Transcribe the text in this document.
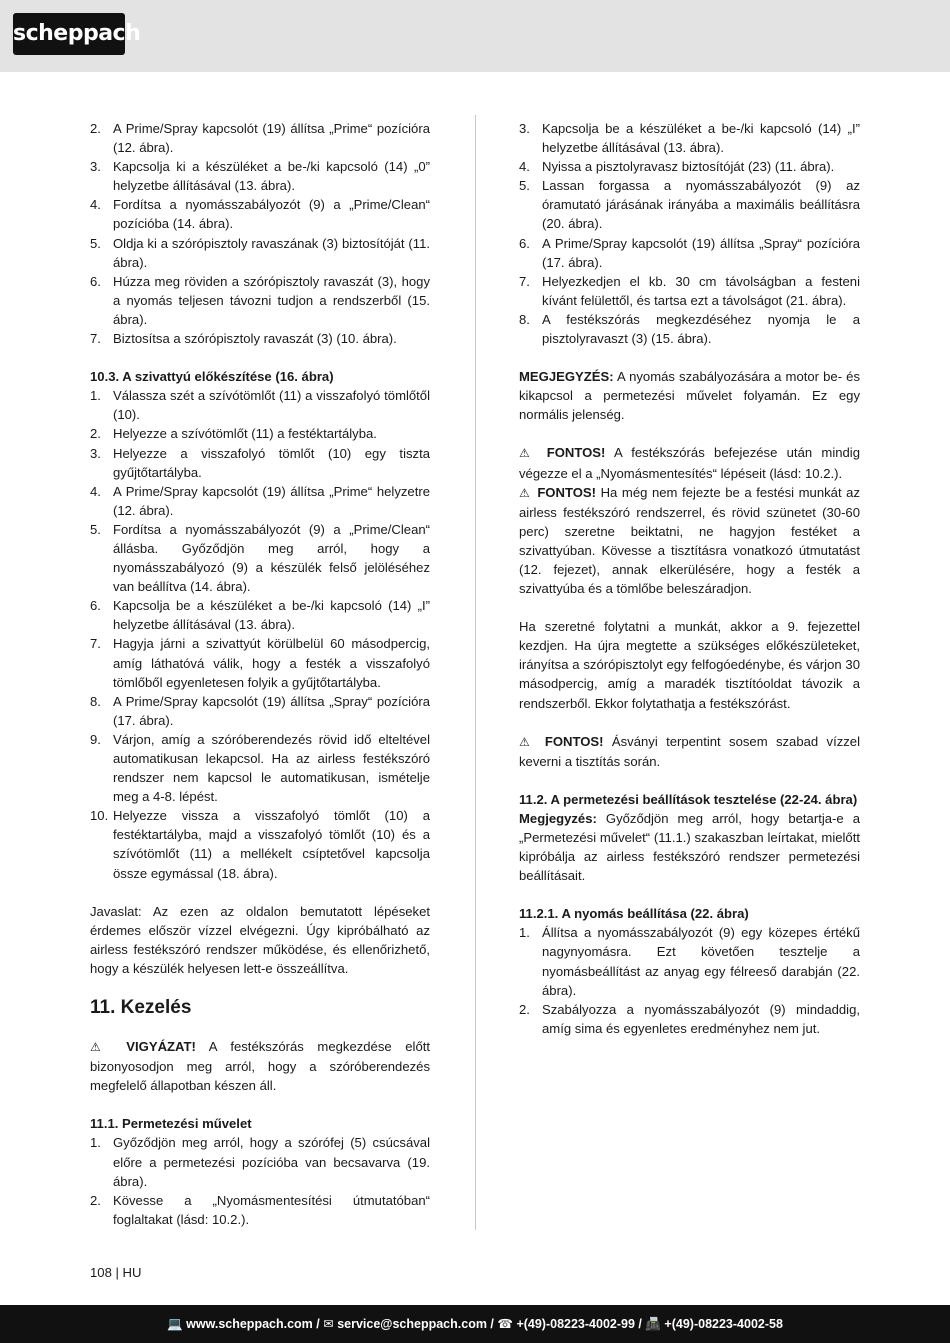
scheppach
2. A Prime/Spray kapcsolót (19) állítsa „Prime“ pozícióra (12. ábra).
3. Kapcsolja ki a készüléket a be-/ki kapcsoló (14) „0” helyzetbe állításával (13. ábra).
4. Fordítsa a nyomásszabályozót (9) a „Prime/Clean“ pozícióba (14. ábra).
5. Oldja ki a szórópisztoly ravaszának (3) biztosítóját (11. ábra).
6. Húzza meg röviden a szórópisztoly ravaszát (3), hogy a nyomás teljesen távozni tudjon a rendszerből (15. ábra).
7. Biztosítsa a szórópisztoly ravaszát (3) (10. ábra).

10.3. A szivattyú előkészítése (16. ábra)

1. Válassza szét a szívótömlőt (11) a visszafolyó tömlőtől (10).
2. Helyezze a szívótömlőt (11) a festéktartályba.
3. Helyezze a visszafolyó tömlőt (10) egy tiszta gyűjtőtartályba.
4. A Prime/Spray kapcsolót (19) állítsa „Prime“ helyzetre (12. ábra).
5. Fordítsa a nyomásszabályozót (9) a „Prime/Clean“ állásba. Győződjön meg arról, hogy a nyomásszabályozó (9) a készülék felső jelöléséhez van beállítva (14. ábra).
6. Kapcsolja be a készüléket a be-/ki kapcsoló (14) „I” helyzetbe állításával (13. ábra).
7. Hagyja járni a szivattyút körülbelül 60 másodpercig, amíg láthatóvá válik, hogy a festék a visszafolyó tömlőből egyenletesen folyik a gyűjtőtartályba.
8. A Prime/Spray kapcsolót (19) állítsa „Spray“ pozícióra (17. ábra).
9. Várjon, amíg a szóróberendezés rövid idő elteltével automatikusan lekapcsol. Ha az airless festékszóró rendszer nem kapcsol le automatikusan, ismételje meg a 4-8. lépést.
10. Helyezze vissza a visszafolyó tömlőt (10) a festéktartályba, majd a visszafolyó tömlőt (10) és a szívótömlőt (11) a mellékelt csíptetővel kapcsolja össze egymással (18. ábra).

Javaslat: Az ezen az oldalon bemutatott lépéseket érdemes először vízzel elvégezni. Úgy kipróbálható az airless festékszóró rendszer működése, és ellenőrizhető, hogy a készülék helyesen lett-e összeállítva.

11. Kezelés

⚠ VIGYÁZAT! A festékszórás megkezdése előtt bizonyosodjon meg arról, hogy a szóróberendezés megfelelő állapotban készen áll.

11.1. Permetezési művelet

1. Győződjön meg arról, hogy a szórófej (5) csúcsával előre a permetezési pozícióba van becsavarva (19. ábra).
2. Kövesse a „Nyomásmentesítési útmutatóban“ foglaltakat (lásd: 10.2.).
3. Kapcsolja be a készüléket a be-/ki kapcsoló (14) „I” helyzetbe állításával (13. ábra).
4. Nyissa a pisztolyravasz biztosítóját (23) (11. ábra).
5. Lassan forgassa a nyomásszabályozót (9) az óramutató járásának irányába a maximális beállításra (20. ábra).
6. A Prime/Spray kapcsolót (19) állítsa „Spray“ pozícióra (17. ábra).
7. Helyezkedjen el kb. 30 cm távolságban a festeni kívánt felülettől, és tartsa ezt a távolságot (21. ábra).
8. A festékszórás megkezdéséhez nyomja le a pisztolyravaszt (3) (15. ábra).

MEGJEGYZÉS: A nyomás szabályozására a motor be- és kikapcsol a permetezési művelet folyamán. Ez egy normális jelenség.

⚠ FONTOS! A festékszórás befejezése után mindig végezze el a „Nyomásmentesítés“ lépéseit (lásd: 10.2.).

⚠ FONTOS! Ha még nem fejezte be a festési munkát az airless festékszóró rendszerrel, és rövid szünetet (30-60 perc) szeretne beiktatni, ne hagyjon festéket a szivattyúban. Kövesse a tisztításra vonatkozó útmutatást (12. fejezet), annak elkerülésére, hogy a festék a szivattyúba és a tömlőbe beleszáradjon.

Ha szeretné folytatni a munkát, akkor a 9. fejezettel kezdjen. Ha újra megtette a szükséges előkészületeket, irányítsa a szórópisztolyt egy felfogóedénybe, és várjon 30 másodpercig, amíg a maradék tisztítóoldat távozik a rendszerből. Ekkor folytathatja a festékszórást.

⚠ FONTOS! Ásványi terpentint sosem szabad vízzel keverni a tisztítás során.

11.2. A permetezési beállítások tesztelése (22-24. ábra)

Megjegyzés: Győződjön meg arról, hogy betartja-e a „Permetezési művelet“ (11.1.) szakaszban leírtakat, mielőtt kipróbálja az airless festékszóró rendszer permetezési beállításait.

11.2.1. A nyomás beállítása (22. ábra)

1. Állítsa a nyomásszabályozót (9) egy közepes értékű nagynyomásra. Ezt követően tesztelje a nyomásbeállítást az anyag egy félreeső darabján (22. ábra).
2. Szabályozza a nyomásszabályozót (9) mindaddig, amíg sima és egyenletes eredményhez nem jut.
108 | HU
💻 www.scheppach.com / ✉ service@scheppach.com / ☎ +(49)-08223-4002-99 / 📠 +(49)-08223-4002-58
